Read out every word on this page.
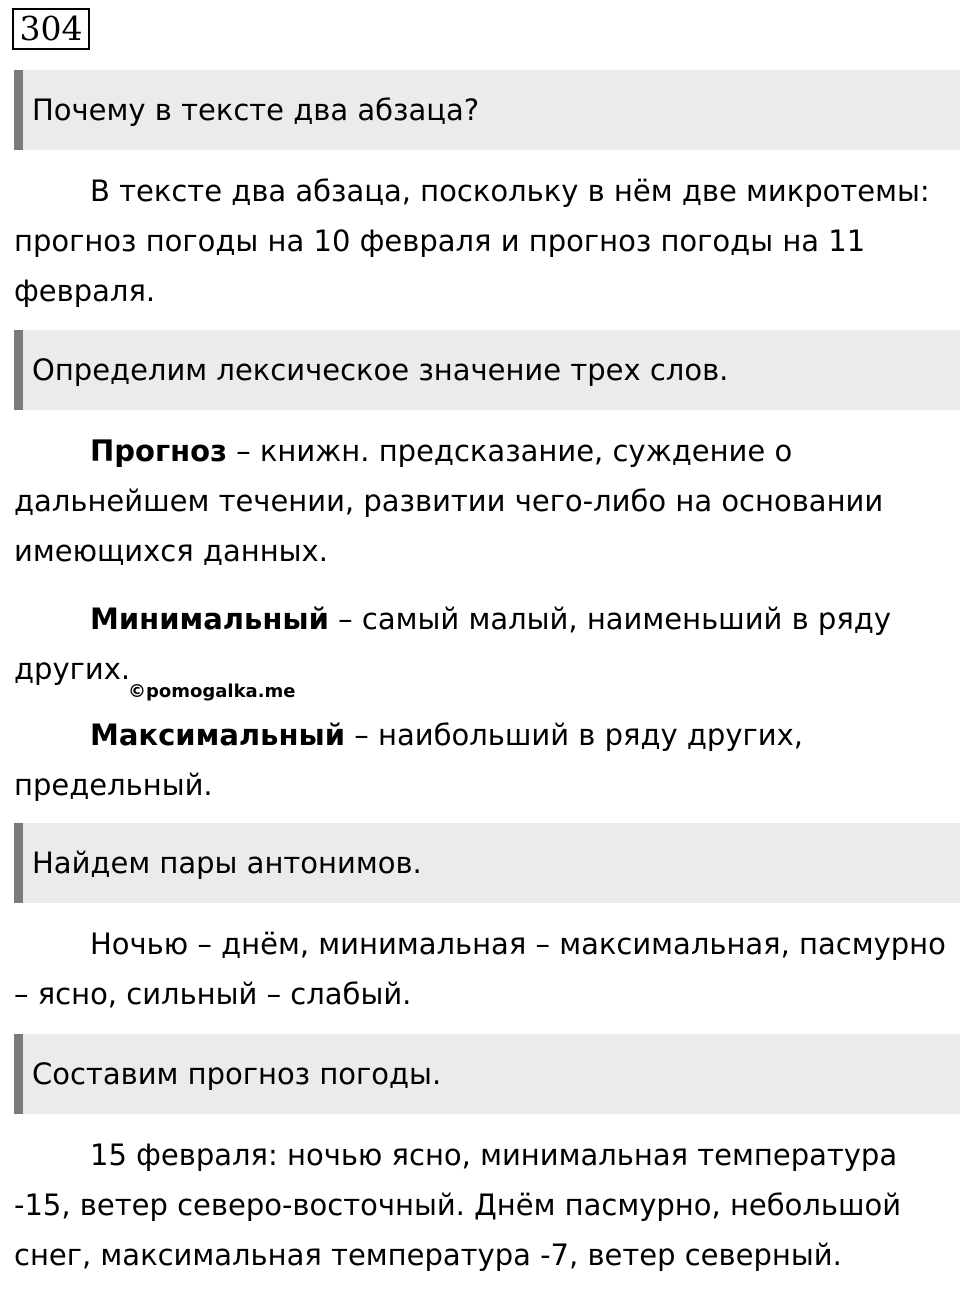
304
Почему в тексте два абзаца?

В тексте два абзаца, поскольку в нём две микротемы: прогноз погоды на 10 февраля и прогноз погоды на 11 февраля.

Определим лексическое значение трех слов.

Прогноз – книжн. предсказание, суждение о дальнейшем течении, развитии чего-либо на основании имеющихся данных.

Минимальный – самый малый, наименьший в ряду других.

©pomogalka.me

Максимальный – наибольший в ряду других, предельный.

Найдем пары антонимов.

Ночью – днём, минимальная – максимальная, пасмурно – ясно, сильный – слабый.

Составим прогноз погоды.

15 февраля: ночью ясно, минимальная температура -15, ветер северо-восточный. Днём пасмурно, небольшой снег, максимальная температура -7, ветер северный.
